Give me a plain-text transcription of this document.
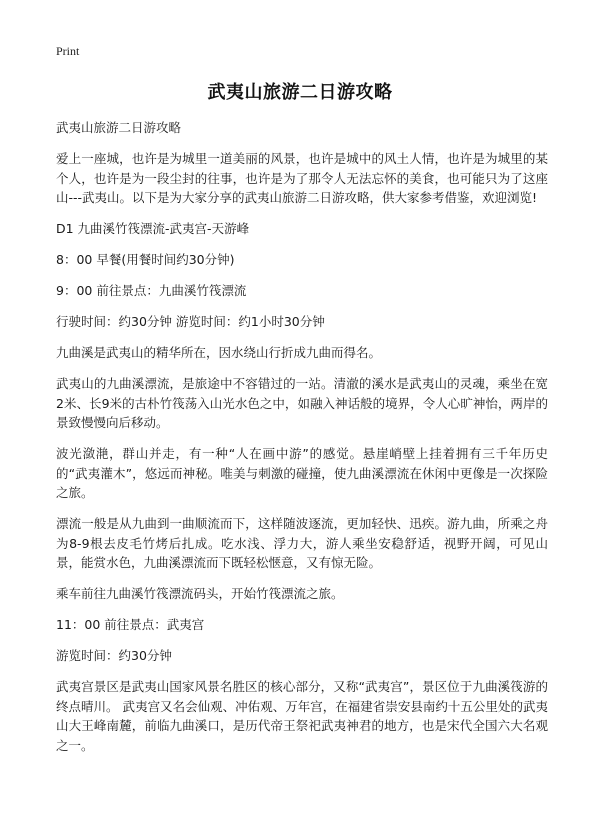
Print
武夷山旅游二日游攻略

武夷山旅游二日游攻略

爱上一座城，也许是为城里一道美丽的风景，也许是城中的风土人情，也许是为城里的某个人，也许是为一段尘封的往事，也许是为了那令人无法忘怀的美食，也可能只为了这座山---武夷山。以下是为大家分享的武夷山旅游二日游攻略，供大家参考借鉴，欢迎浏览!

D1 九曲溪竹筏漂流-武夷宫-天游峰

8：00 早餐(用餐时间约30分钟)

9：00 前往景点：九曲溪竹筏漂流

行驶时间：约30分钟 游览时间：约1小时30分钟

九曲溪是武夷山的精华所在，因水绕山行折成九曲而得名。

武夷山的九曲溪漂流，是旅途中不容错过的一站。清澈的溪水是武夷山的灵魂，乘坐在宽2米、长9米的古朴竹筏荡入山光水色之中，如融入神话般的境界，令人心旷神怡，两岸的景致慢慢向后移动。

波光潋滟，群山并走，有一种“人在画中游”的感觉。悬崖峭壁上挂着拥有三千年历史的“武夷灌木”，悠远而神秘。唯美与刺激的碰撞，使九曲溪漂流在休闲中更像是一次探险之旅。

漂流一般是从九曲到一曲顺流而下，这样随波逐流，更加轻快、迅疾。游九曲，所乘之舟为8-9根去皮毛竹烤后扎成。吃水浅、浮力大，游人乘坐安稳舒适，视野开阔，可见山景，能赏水色，九曲溪漂流而下既轻松惬意，又有惊无险。

乘车前往九曲溪竹筏漂流码头，开始竹筏漂流之旅。

11：00 前往景点：武夷宫

游览时间：约30分钟

武夷宫景区是武夷山国家风景名胜区的核心部分，又称“武夷宫”，景区位于九曲溪筏游的终点晴川。 武夷宫又名会仙观、冲佑观、万年宫，在福建省崇安县南约十五公里处的武夷山大王峰南麓，前临九曲溪口，是历代帝王祭祀武夷神君的地方，也是宋代全国六大名观之一。
